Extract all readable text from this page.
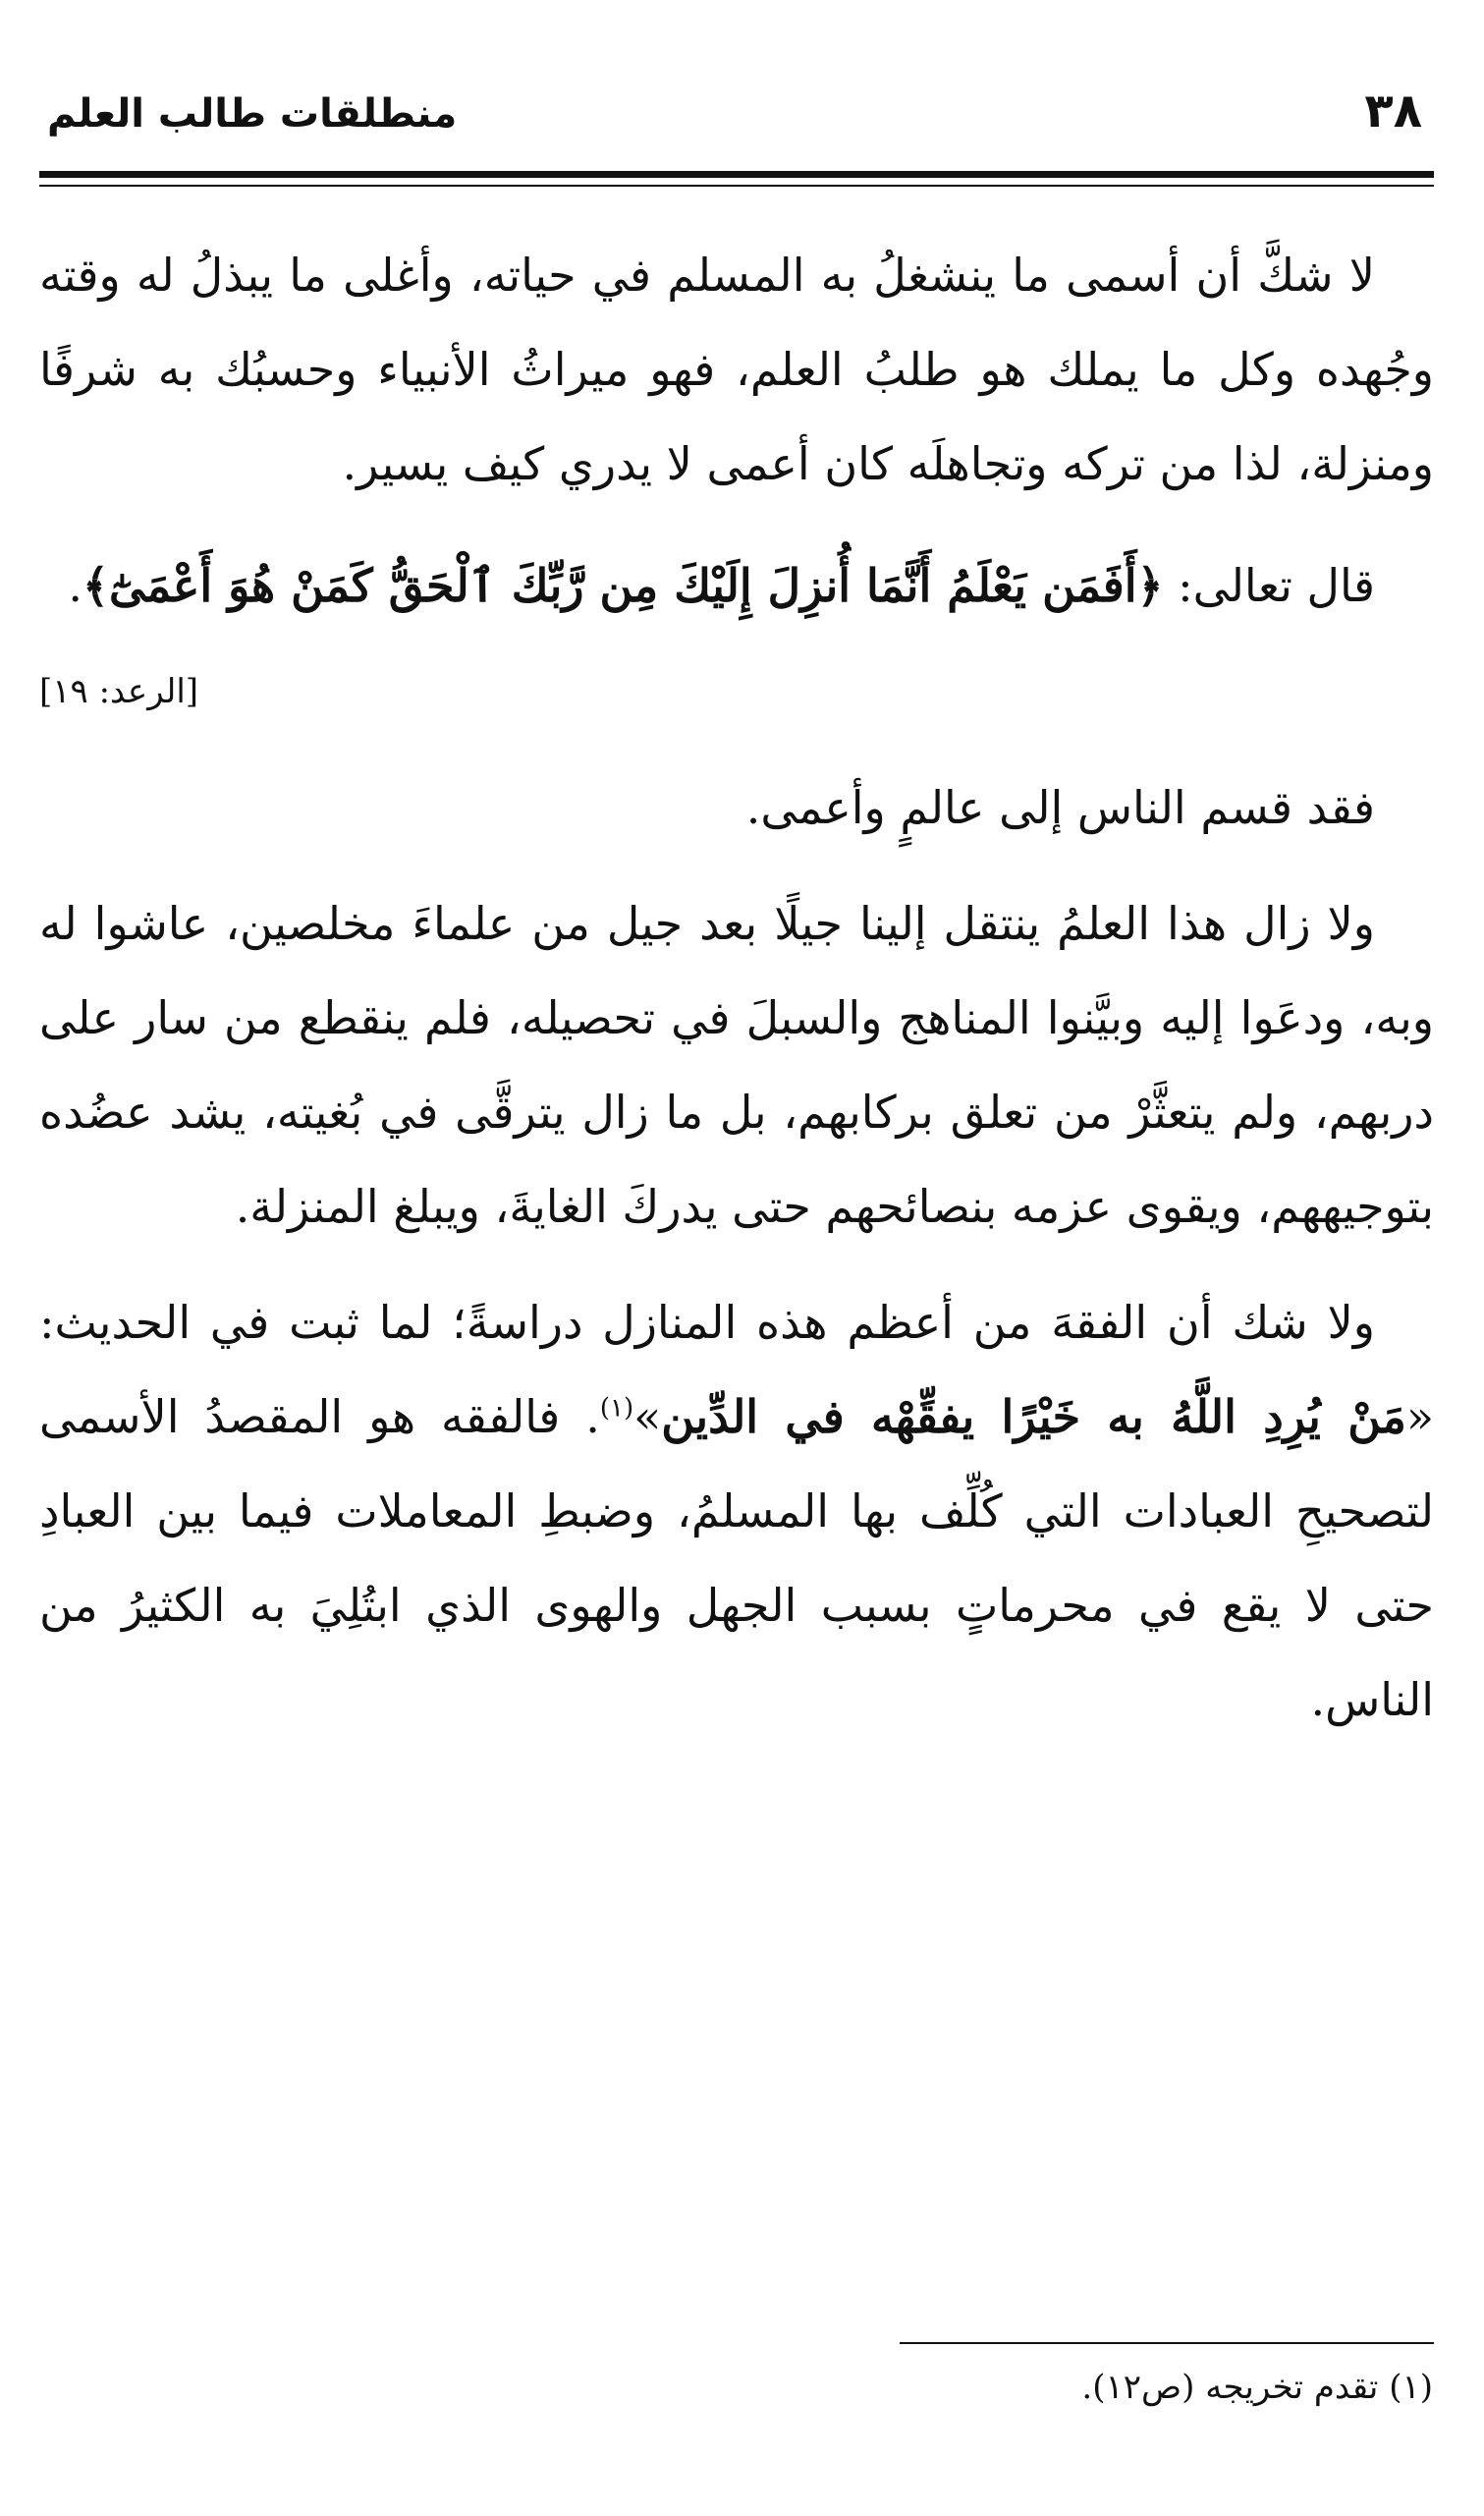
٣٨
منطلقات طالب العلم

لا شكَّ أن أسمى ما ينشغلُ به المسلم في حياته، وأغلى ما يبذلُ له وقته وجُهده وكل ما يملك هو طلبُ العلم، فهو ميراثُ الأنبياء وحسبُك به شرفًا ومنزلة، لذا من تركه وتجاهلَه كان أعمى لا يدري كيف يسير.

قال تعالى: ﴿أَفَمَن يَعْلَمُ أَنَّمَا أُنزِلَ إِلَيْكَ مِن رَّبِّكَ ٱلْحَقُّ كَمَنْ هُوَ أَعْمَىٰٓ﴾.

[الرعد: ١٩]

فقد قسم الناس إلى عالمٍ وأعمى.

ولا زال هذا العلمُ ينتقل إلينا جيلًا بعد جيل من علماءَ مخلصين، عاشوا له وبه، ودعَوا إليه وبيَّنوا المناهج والسبلَ في تحصيله، فلم ينقطع من سار على دربهم، ولم يتعثَّرْ من تعلق بركابهم، بل ما زال يترقَّى في بُغيته، يشد عضُده بتوجيههم، ويقوى عزمه بنصائحهم حتى يدركَ الغايةَ، ويبلغ المنزلة.

ولا شك أن الفقهَ من أعظم هذه المنازل دراسةً؛ لما ثبت في الحديث: «مَنْ يُرِدِ اللَّهُ به خَيْرًا يفقِّهْه في الدِّين»$^{(١)}$. فالفقه هو المقصدُ الأسمى لتصحيحِ العبادات التي كُلِّف بها المسلمُ، وضبطِ المعاملات فيما بين العبادِ حتى لا يقع في محرماتٍ بسبب الجهل والهوى الذي ابتُلِيَ به الكثيرُ من الناس.

(١) تقدم تخريجه (ص١٢).
